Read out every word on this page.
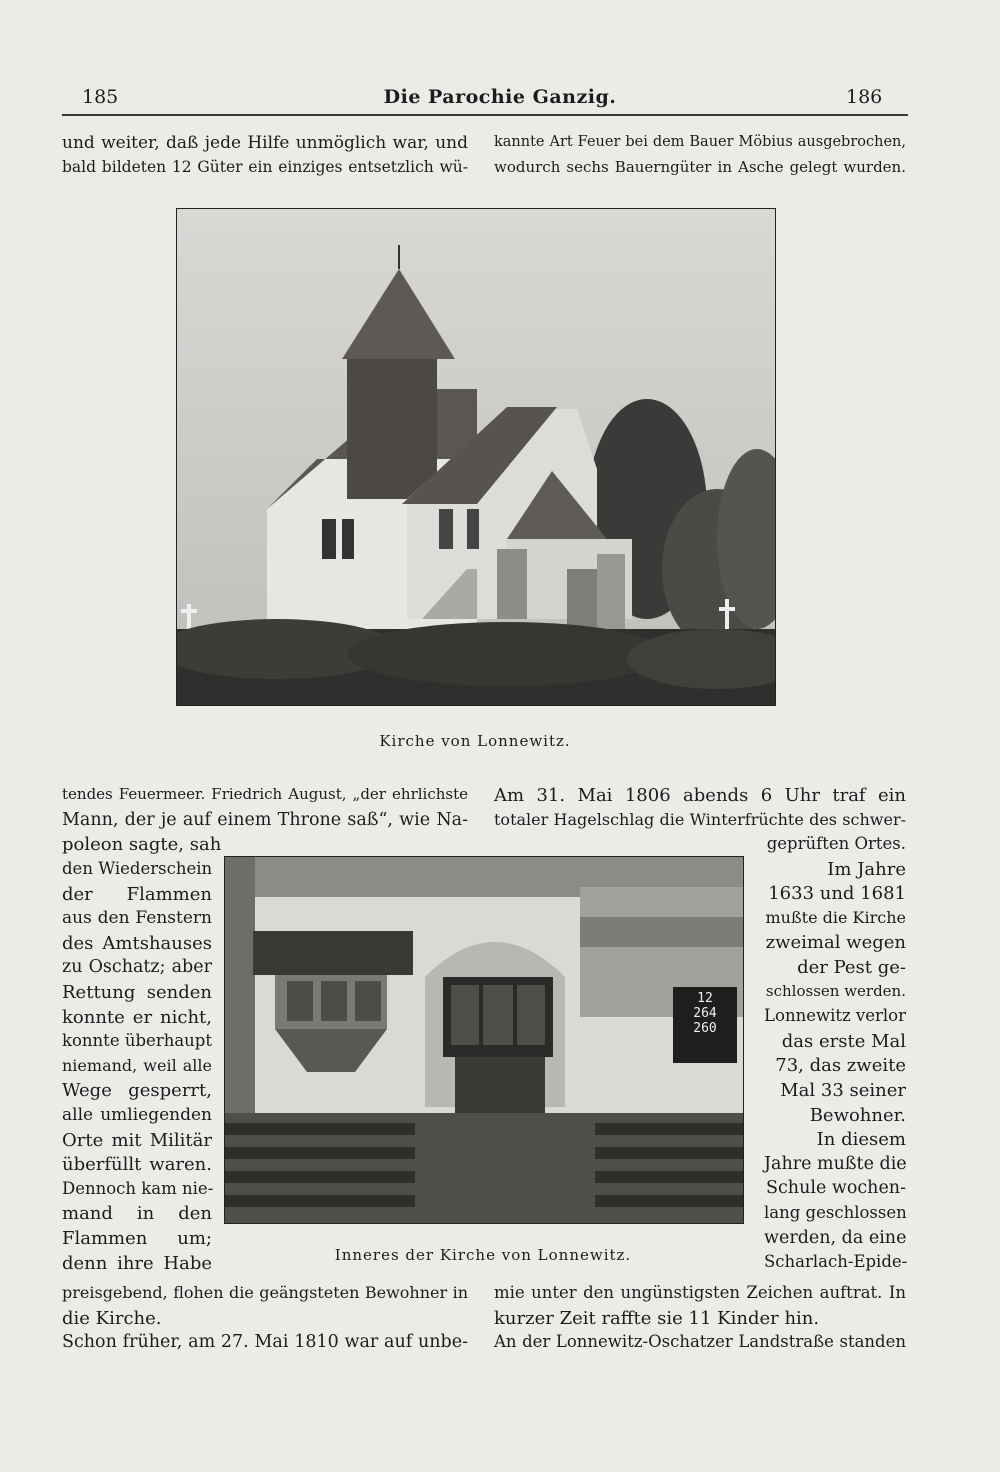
185	Die Parochie Ganzig.	186
Kirche von Lonnewitz.
12
264
260
Inneres der Kirche von Lonnewitz.
und weiter, daß jede Hilfe unmöglich war, und
bald bildeten 12 Güter ein einziges entsetzlich wü-
kannte Art Feuer bei dem Bauer Möbius ausgebrochen,
wodurch sechs Bauerngüter in Asche gelegt wurden.
tendes Feuermeer. Friedrich August, „der ehrlichste
Mann, der je auf einem Throne saß“, wie Na-
poleon sagte, sah
den Wiederschein
der Flammen
aus den Fenstern
des Amtshauses
zu Oschatz; aber
Rettung senden
konnte er nicht,
konnte überhaupt
niemand, weil alle
Wege gesperrt,
alle umliegenden
Orte mit Militär
überfüllt waren.
Dennoch kam nie-
mand in den
Flammen um;
denn ihre Habe
preisgebend, flohen die geängsteten Bewohner in
die Kirche.
Schon früher, am 27. Mai 1810 war auf unbe-
Am 31. Mai 1806 abends 6 Uhr traf ein
totaler Hagelschlag die Winterfrüchte des schwer-
geprüften Ortes.
Im Jahre
1633 und 1681
mußte die Kirche
zweimal wegen
der Pest ge-
schlossen werden.
Lonnewitz verlor
das erste Mal
73, das zweite
Mal 33 seiner
Bewohner.
In diesem
Jahre mußte die
Schule wochen-
lang geschlossen
werden, da eine
Scharlach-Epide-
mie unter den ungünstigsten Zeichen auftrat. In
kurzer Zeit raffte sie 11 Kinder hin.
An der Lonnewitz-Oschatzer Landstraße standen
